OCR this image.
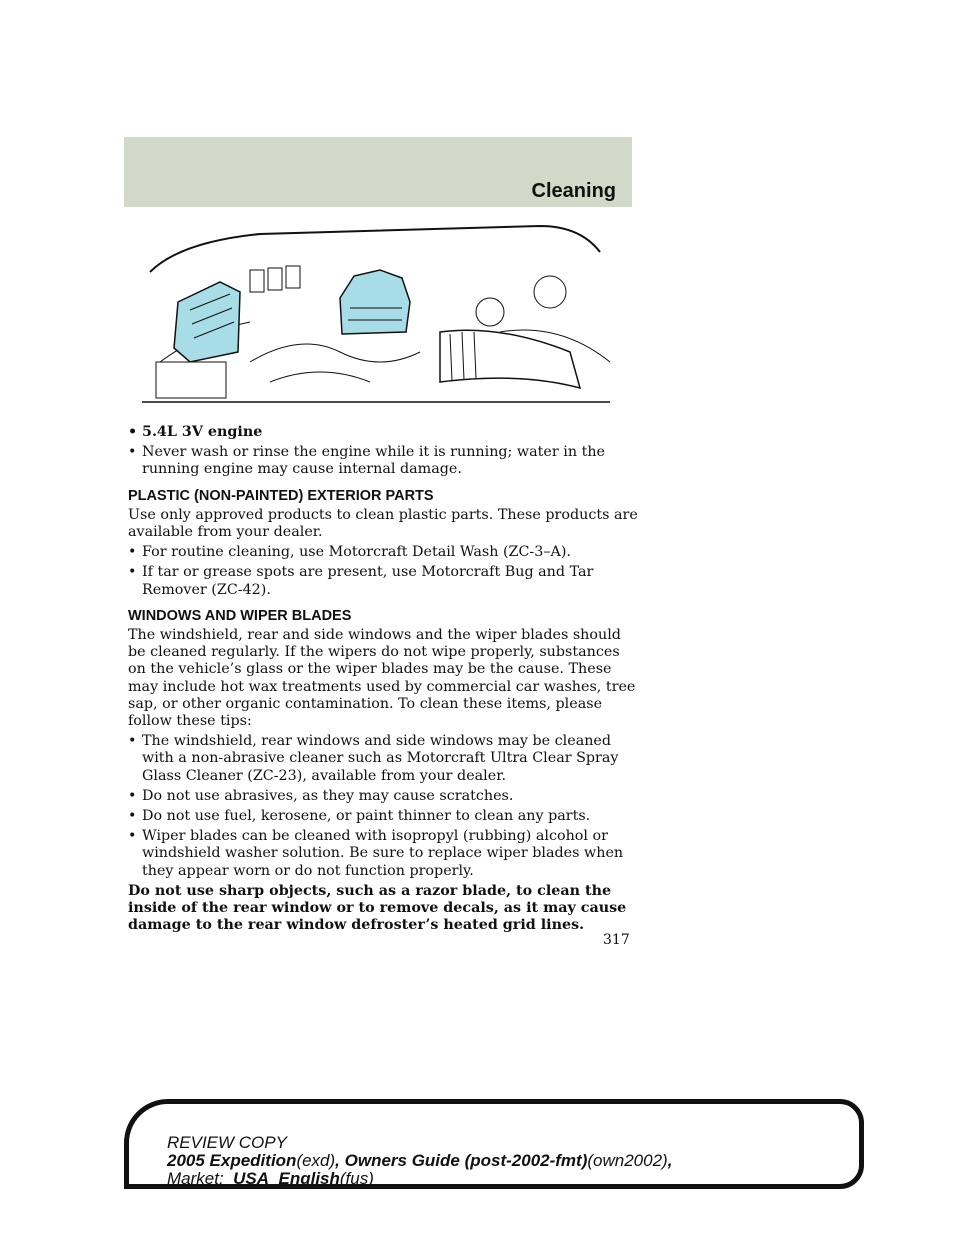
Cleaning
• 5.4L 3V engine
• Never wash or rinse the engine while it is running; water in the running engine may cause internal damage.
PLASTIC (NON-PAINTED) EXTERIOR PARTS

Use only approved products to clean plastic parts. These products are available from your dealer.

• For routine cleaning, use Motorcraft Detail Wash (ZC-3–A).
• If tar or grease spots are present, use Motorcraft Bug and Tar Remover (ZC-42).
WINDOWS AND WIPER BLADES

The windshield, rear and side windows and the wiper blades should be cleaned regularly. If the wipers do not wipe properly, substances on the vehicle’s glass or the wiper blades may be the cause. These may include hot wax treatments used by commercial car washes, tree sap, or other organic contamination. To clean these items, please follow these tips:

• The windshield, rear windows and side windows may be cleaned with a non-abrasive cleaner such as Motorcraft Ultra Clear Spray Glass Cleaner (ZC-23), available from your dealer.
• Do not use abrasives, as they may cause scratches.
• Do not use fuel, kerosene, or paint thinner to clean any parts.
• Wiper blades can be cleaned with isopropyl (rubbing) alcohol or windshield washer solution. Be sure to replace wiper blades when they appear worn or do not function properly.

Do not use sharp objects, such as a razor blade, to clean the inside of the rear window or to remove decals, as it may cause damage to the rear window defroster’s heated grid lines.

317
REVIEW COPY
2005 Expedition(exd), Owners Guide (post-2002-fmt)(own2002),
Market: USA_English(fus)
